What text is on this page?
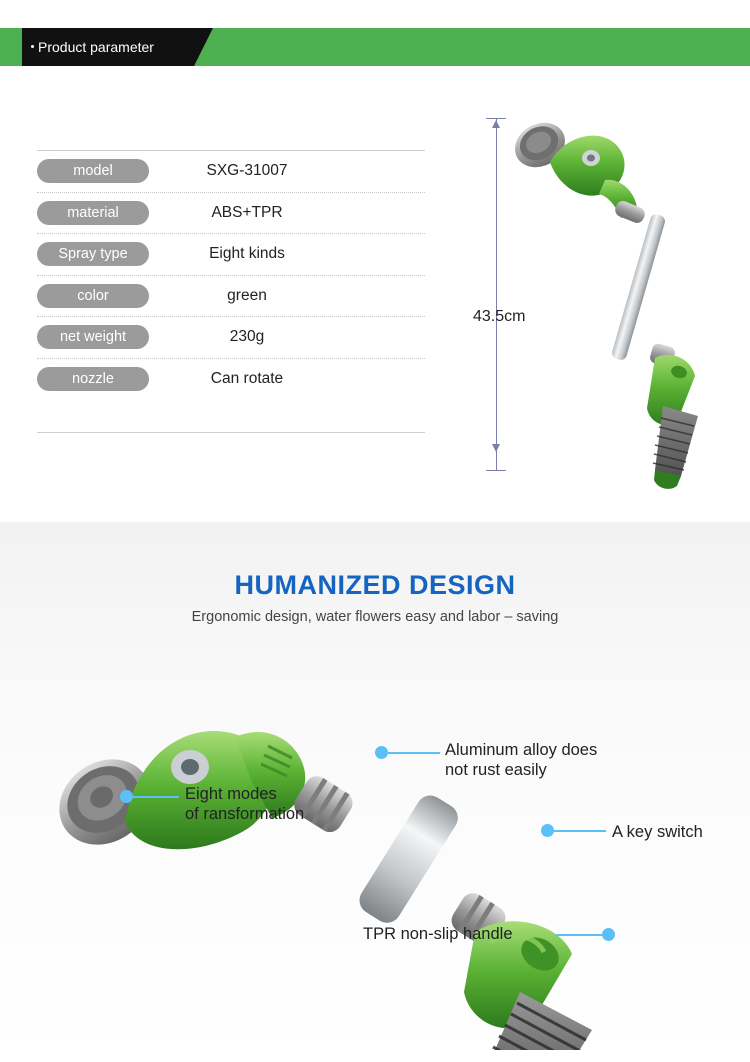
Product parameter
model	SXG-31007
material	ABS+TPR
Spray type	Eight kinds
color	green
net weight	230g
nozzle	Can rotate
43.5cm
HUMANIZED DESIGN
Ergonomic design, water flowers easy and labor – saving
Eight modes
of ransformation
Aluminum alloy does
not rust easily
A key switch
TPR non-slip handle
